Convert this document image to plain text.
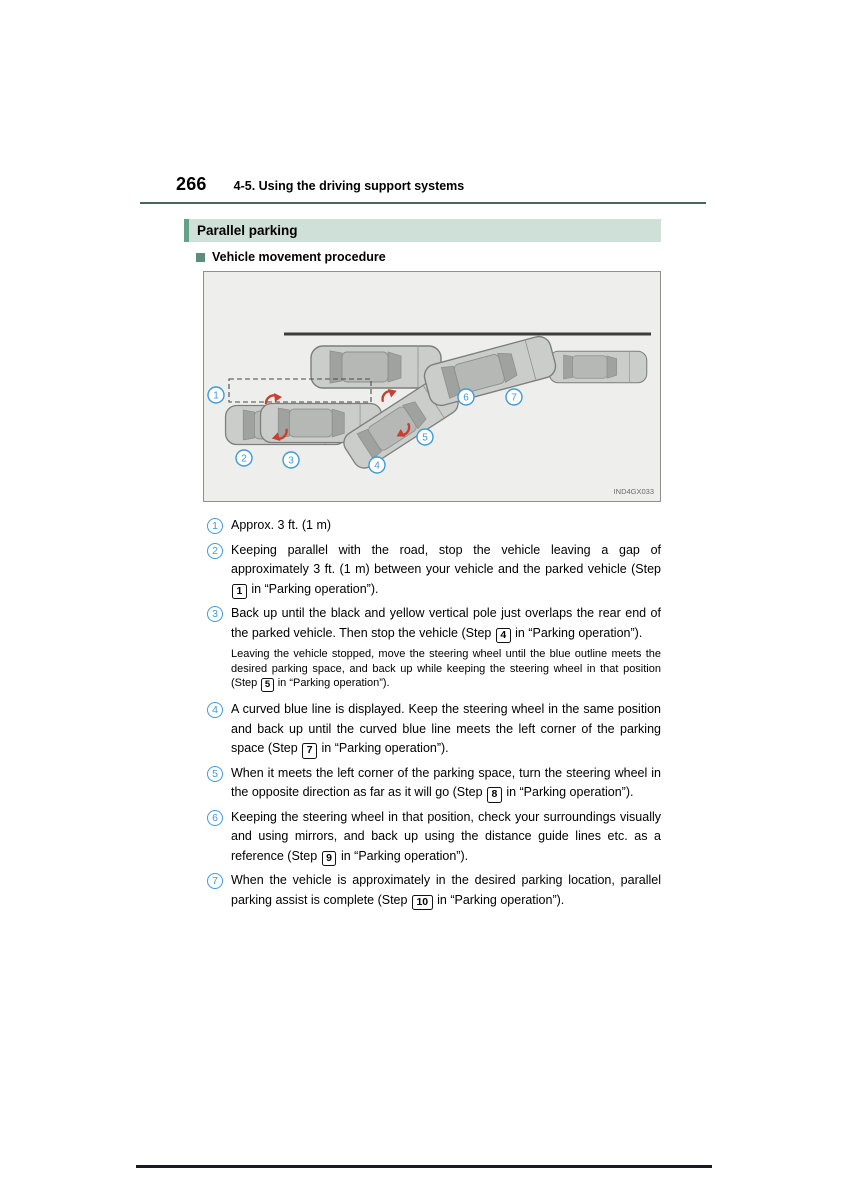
266 4-5. Using the driving support systems
Parallel parking
Vehicle movement procedure
1
2	3	4
5
6	7
IND4GX033
1	Approx. 3 ft. (1 m)

2	Keeping parallel with the road, stop the vehicle leaving a gap of approximately 3 ft. (1 m) between your vehicle and the parked vehicle (Step 1 in “Parking operation”).

3	Back up until the black and yellow vertical pole just overlaps the rear end of the parked vehicle. Then stop the vehicle (Step 4 in “Parking operation”).

Leaving the vehicle stopped, move the steering wheel until the blue outline meets the desired parking space, and back up while keeping the steering wheel in that position (Step 5 in “Parking operation”).

4	A curved blue line is displayed. Keep the steering wheel in the same position and back up until the curved blue line meets the left corner of the parking space (Step 7 in “Parking operation”).

5	When it meets the left corner of the parking space, turn the steering wheel in the opposite direction as far as it will go (Step 8 in “Parking operation”).

6	Keeping the steering wheel in that position, check your surroundings visually and using mirrors, and back up using the distance guide lines etc. as a reference (Step 9 in “Parking operation”).

7	When the vehicle is approximately in the desired parking location, parallel parking assist is complete (Step 10 in “Parking operation”).
